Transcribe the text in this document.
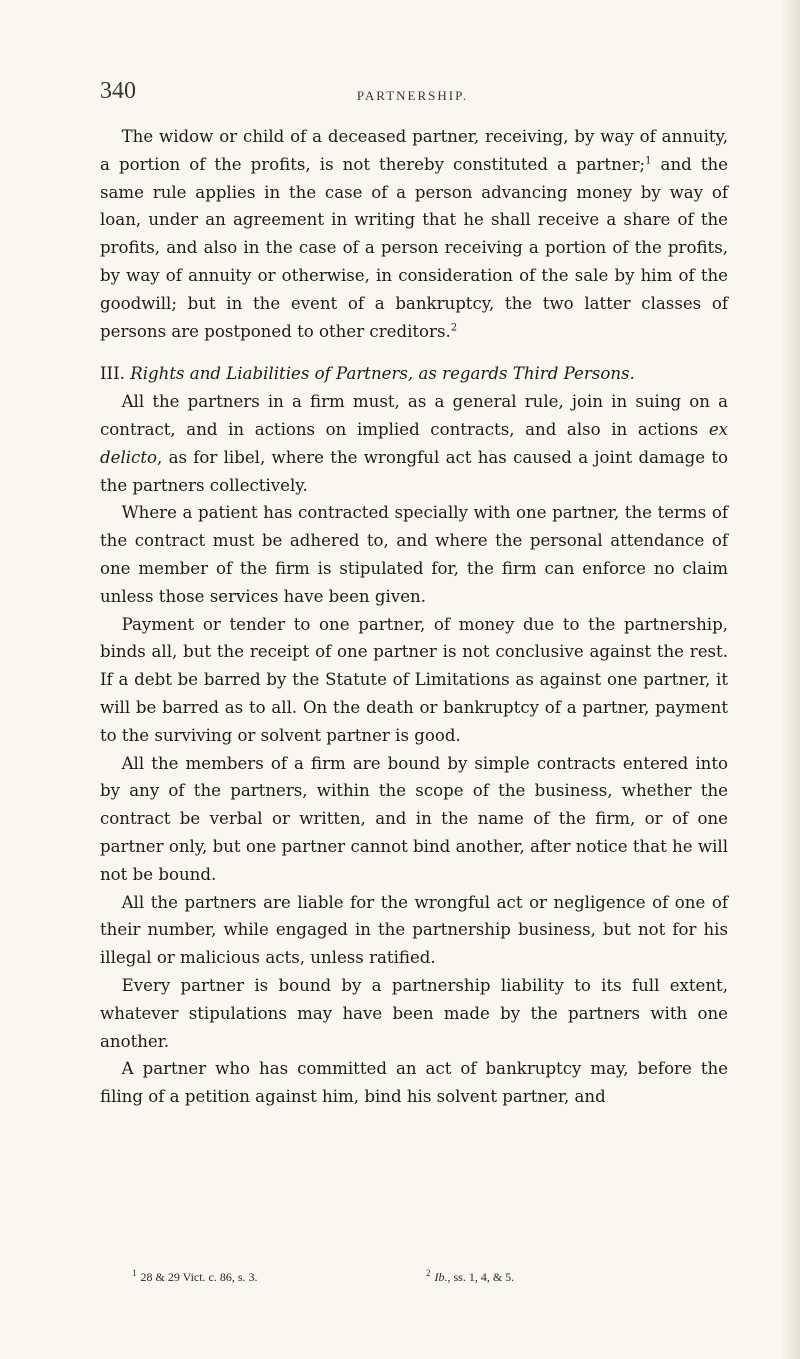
340	PARTNERSHIP.

The widow or child of a deceased partner, receiving, by way of annuity, a portion of the profits, is not thereby constituted a partner;$^1$ and the same rule applies in the case of a person advancing money by way of loan, under an agreement in writing that he shall receive a share of the profits, and also in the case of a person receiving a portion of the profits, by way of annuity or otherwise, in consideration of the sale by him of the goodwill; but in the event of a bankruptcy, the two latter classes of persons are postponed to other creditors.$^2$

III. Rights and Liabilities of Partners, as regards Third Persons.

All the partners in a firm must, as a general rule, join in suing on a contract, and in actions on implied contracts, and also in actions ex delicto, as for libel, where the wrongful act has caused a joint damage to the partners collectively.

Where a patient has contracted specially with one partner, the terms of the contract must be adhered to, and where the personal attendance of one member of the firm is stipulated for, the firm can enforce no claim unless those services have been given.

Payment or tender to one partner, of money due to the partnership, binds all, but the receipt of one partner is not conclusive against the rest. If a debt be barred by the Statute of Limitations as against one partner, it will be barred as to all. On the death or bankruptcy of a partner, payment to the surviving or solvent partner is good.

All the members of a firm are bound by simple contracts entered into by any of the partners, within the scope of the business, whether the contract be verbal or written, and in the name of the firm, or of one partner only, but one partner cannot bind another, after notice that he will not be bound.

All the partners are liable for the wrongful act or negligence of one of their number, while engaged in the partnership business, but not for his illegal or malicious acts, unless ratified.

Every partner is bound by a partnership liability to its full extent, whatever stipulations may have been made by the partners with one another.

A partner who has committed an act of bankruptcy may, before the filing of a petition against him, bind his solvent partner, and

$^1$ 28 & 29 Vict. c. 86, s. 3.	$^2$ Ib., ss. 1, 4, & 5.
